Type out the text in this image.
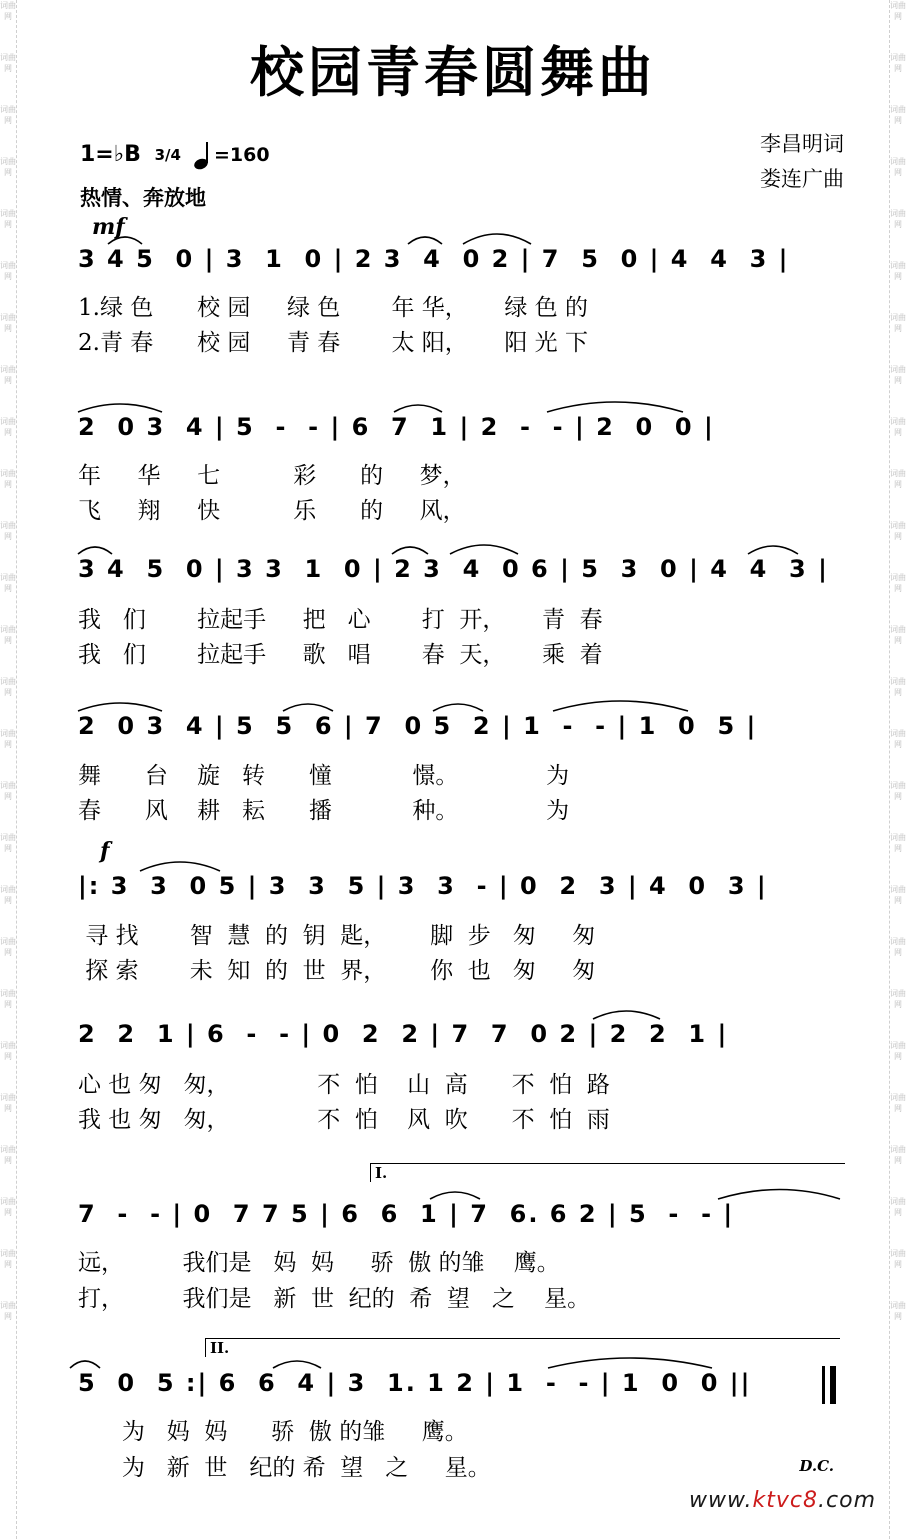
词曲网
词曲网
词曲网
词曲网
词曲网
词曲网
词曲网
词曲网
词曲网
词曲网
词曲网
词曲网
词曲网
词曲网
词曲网
词曲网
词曲网
词曲网
词曲网
词曲网
词曲网
词曲网
词曲网
词曲网
词曲网
词曲网
词曲网
词曲网
词曲网
词曲网
词曲网
词曲网
词曲网
词曲网
词曲网
词曲网
词曲网
词曲网
词曲网
词曲网
词曲网
词曲网
词曲网
词曲网
词曲网
词曲网
词曲网
词曲网
词曲网
词曲网
词曲网
词曲网
校园青春圆舞曲
1=♭B 3/4 =160
热情、奔放地
李昌明词
娄连广曲
mf
f
3 4 5  0 | 3  1  0 | 2 3  4  0 2 | 7  5  0 | 4  4  3 |
1.绿 色      校 园     绿 色       年 华，     绿 色 的
2.青 春      校 园     青 春       太 阳，     阳 光 下
2  0 3  4 | 5  -  - | 6  7  1 | 2  -  - | 2  0  0 |
年     华     七          彩      的     梦，
飞     翔     快          乐      的     风，
3 4  5  0 | 3 3  1  0 | 2 3  4  0 6 | 5  3  0 | 4  4  3 |
我   们       拉起手     把   心       打  开，     青  春
我   们       拉起手     歌   唱       春  天，     乘  着
2  0 3  4 | 5  5  6 | 7  0 5  2 | 1  -  - | 1  0  5 |
舞      台    旋   转      憧           憬。            为
春      风    耕   耘      播           种。            为
|: 3  3  0 5 | 3  3  5 | 3  3  - | 0  2  3 | 4  0  3 |
寻 找       智  慧  的  钥  匙，      脚  步   匆     匆
探 索       未  知  的  世  界，      你  也   匆     匆
2  2  1 | 6  -  - | 0  2  2 | 7  7  0 2 | 2  2  1 |
心 也 匆   匆，            不  怕    山  高      不  怕  路
我 也 匆   匆，            不  怕    风  吹      不  怕  雨
I.
7  -  - | 0  7 7 5 | 6  6  1 | 7  6. 6 2 | 5  -  - |
远，        我们是   妈  妈     骄  傲 的雏    鹰。
打，        我们是   新  世  纪的  希  望   之    星。
II.
5  0  5 :| 6  6  4 | 3  1. 1 2 | 1  -  - | 1  0  0 ||
为   妈  妈      骄  傲 的雏     鹰。
为   新  世   纪的 希  望   之     星。	D.C.
www.ktvc8.com
